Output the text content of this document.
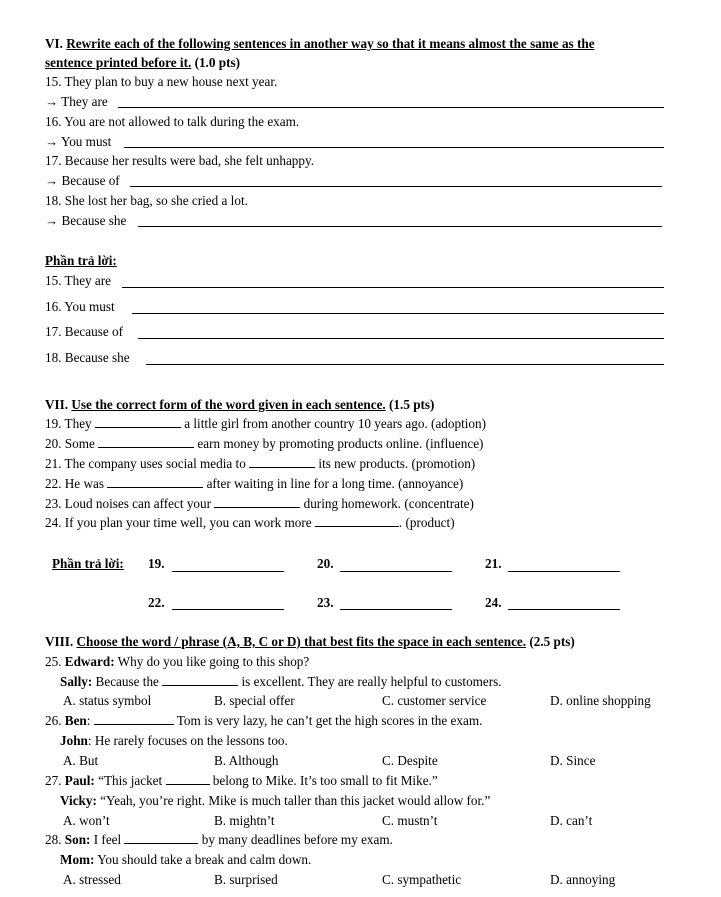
VI. Rewrite each of the following sentences in another way so that it means almost the same as the
sentence printed before it. (1.0 pts)
15. They plan to buy a new house next year.
→ They are
16. You are not allowed to talk during the exam.
→ You must
17. Because her results were bad, she felt unhappy.
→ Because of
18. She lost her bag, so she cried a lot.
→ Because she
Phần trả lời:
15. They are
16. You must
17. Because of
18. Because she
VII. Use the correct form of the word given in each sentence. (1.5 pts)
19. They	a little girl from another country 10 years ago. (adoption)
20. Some	earn money by promoting products online. (influence)
21. The company uses social media to	its new products. (promotion)
22. He was	after waiting in line for a long time. (annoyance)
23. Loud noises can affect your	during homework. (concentrate)
24. If you plan your time well, you can work more	. (product)
Phần trả lời: 19.	20.	21.
22.	23.	24.
VIII. Choose the word / phrase (A, B, C or D) that best fits the space in each sentence. (2.5 pts)
25. Edward: Why do you like going to this shop?
Sally: Because the	is excellent. They are really helpful to customers.
A. status symbol	B. special offer	C. customer service	D. online shopping
26. Ben:	Tom is very lazy, he can’t get the high scores in the exam.
John: He rarely focuses on the lessons too.
A. But	B. Although	C. Despite	D. Since
27. Paul: “This jacket	belong to Mike. It’s too small to fit Mike.”
Vicky: “Yeah, you’re right. Mike is much taller than this jacket would allow for.”
A. won’t	B. mightn’t	C. mustn’t	D. can’t
28. Son: I feel	by many deadlines before my exam.
Mom: You should take a break and calm down.
A. stressed	B. surprised	C. sympathetic	D. annoying
